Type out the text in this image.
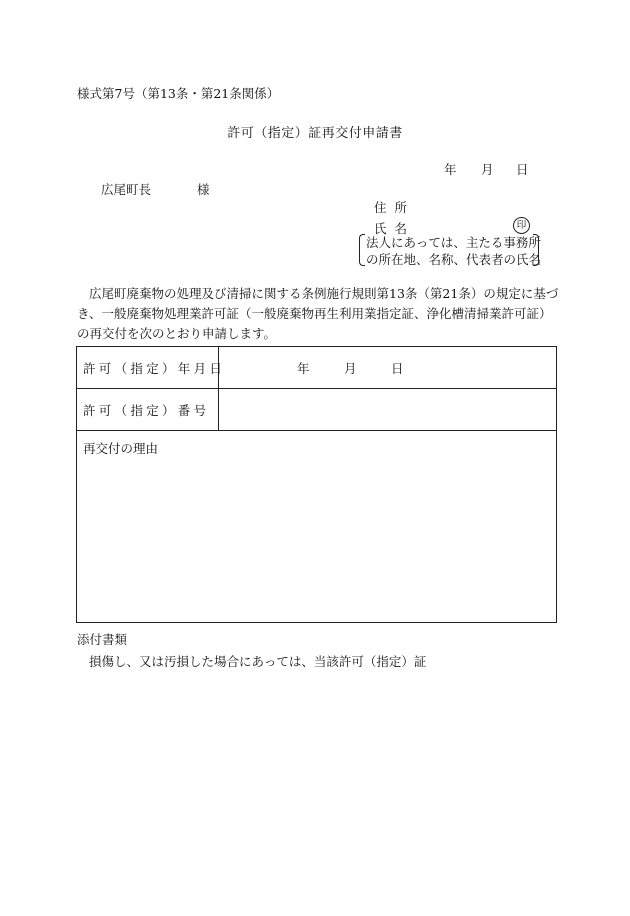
様式第7号（第13条・第21条関係）
許可（指定）証再交付申請書
年 月 日
広尾町長	様
住所
氏名	印
法人にあっては、主たる事務所
の所在地、名称、代表者の氏名
広尾町廃棄物の処理及び清掃に関する条例施行規則第13条（第21条）の規定に基づき、一般廃棄物処理業許可証（一般廃棄物再生利用業指定証、浄化槽清掃業許可証）の再交付を次のとおり申請します。
許可（指定）年月日	年	月	日
許可（指定）番号
再交付の理由
添付書類
損傷し、又は汚損した場合にあっては、当該許可（指定）証
